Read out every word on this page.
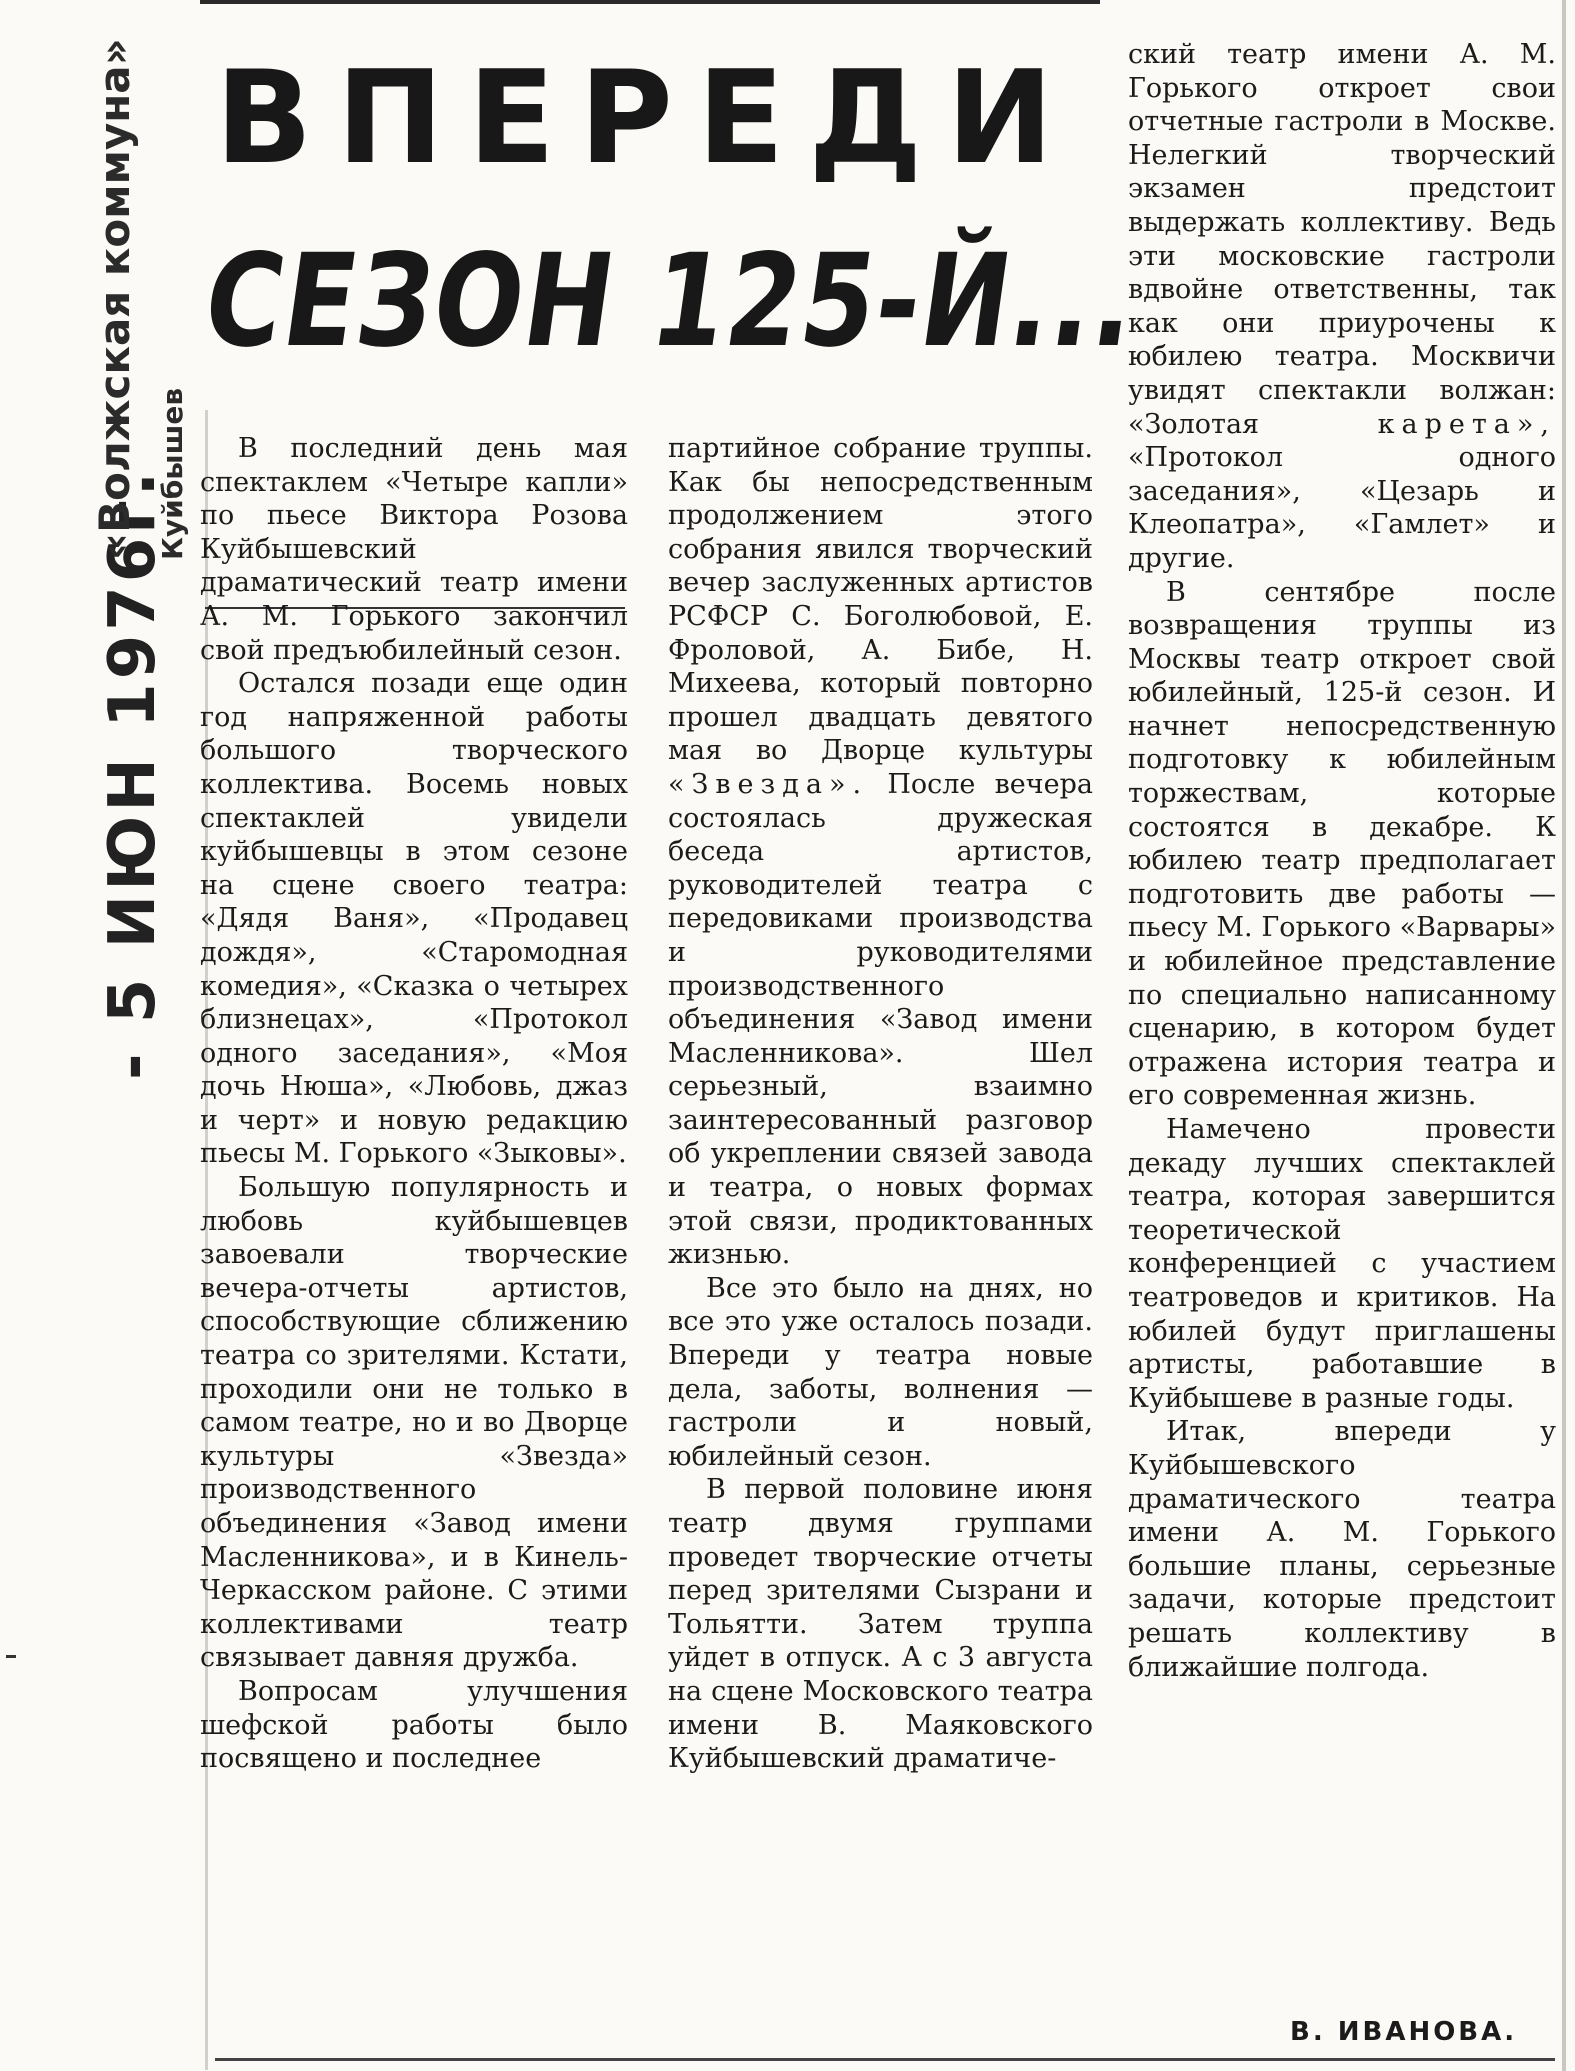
- 5 ИЮН 1976г.
«Волжская коммуна» Куйбышев
ВПЕРЕДИ
СЕЗОН 125-Й...

В последний день мая спектаклем «Четыре капли» по пьесе Виктора Розова Куйбышевский драматический театр имени А. М. Горького закончил свой предъюбилейный сезон.

Остался позади еще один год напряженной работы большого творческого коллектива. Восемь новых спектаклей увидели куйбышевцы в этом сезоне на сцене своего театра: «Дядя Ваня», «Продавец дождя», «Старомодная комедия», «Сказка о четырех близнецах», «Протокол одного заседания», «Моя дочь Нюша», «Любовь, джаз и черт» и новую редакцию пьесы М. Горького «Зыковы».

Большую популярность и любовь куйбышевцев завоевали творческие вечера-отчеты артистов, способствующие сближению театра со зрителями. Кстати, проходили они не только в самом театре, но и во Дворце культуры «Звезда» производственного объединения «Завод имени Масленникова», и в Кинель-Черкасском районе. С этими коллективами театр связывает давняя дружба.

Вопросам улучшения шефской работы было посвящено и последнее

партийное собрание труппы. Как бы непосредственным продолжением этого собрания явился творческий вечер заслуженных артистов РСФСР С. Боголюбовой, Е. Фроловой, А. Бибе, Н. Михеева, который повторно прошел двадцать девятого мая во Дворце культуры «Звезда». После вечера состоялась дружеская беседа артистов, руководителей театра с передовиками производства и руководителями производственного объединения «Завод имени Масленникова». Шел серьезный, взаимно заинтересованный разговор об укреплении связей завода и театра, о новых формах этой связи, продиктованных жизнью.

Все это было на днях, но все это уже осталось позади. Впереди у театра новые дела, заботы, волнения — гастроли и новый, юбилейный сезон.

В первой половине июня театр двумя группами проведет творческие отчеты перед зрителями Сызрани и Тольятти. Затем труппа уйдет в отпуск. А с 3 августа на сцене Московского театра имени В. Маяковского Куйбышевский драматиче-

ский театр имени А. М. Горького откроет свои отчетные гастроли в Москве. Нелегкий творческий экзамен предстоит выдержать коллективу. Ведь эти московские гастроли вдвойне ответственны, так как они приурочены к юбилею театра. Москвичи увидят спектакли волжан: «Золотая	карета», «Протокол одного заседания», «Цезарь и Клеопатра», «Гамлет» и другие.

В сентябре после возвращения труппы из Москвы театр откроет свой юбилейный, 125-й сезон. И начнет непосредственную подготовку к юбилейным торжествам, которые состоятся в декабре. К юбилею театр предполагает подготовить две работы — пьесу М. Горького «Варвары» и юбилейное представление по специально написанному сценарию, в котором будет отражена история театра и его современная жизнь.

Намечено провести декаду лучших спектаклей театра, которая завершится теоретической конференцией с участием театроведов и критиков. На юбилей будут приглашены артисты, работавшие в Куйбышеве в разные годы.

Итак, впереди у Куйбышевского драматического театра имени А. М. Горького большие планы, серьезные задачи, которые предстоит решать коллективу в ближайшие полгода.

В. ИВАНОВА.
